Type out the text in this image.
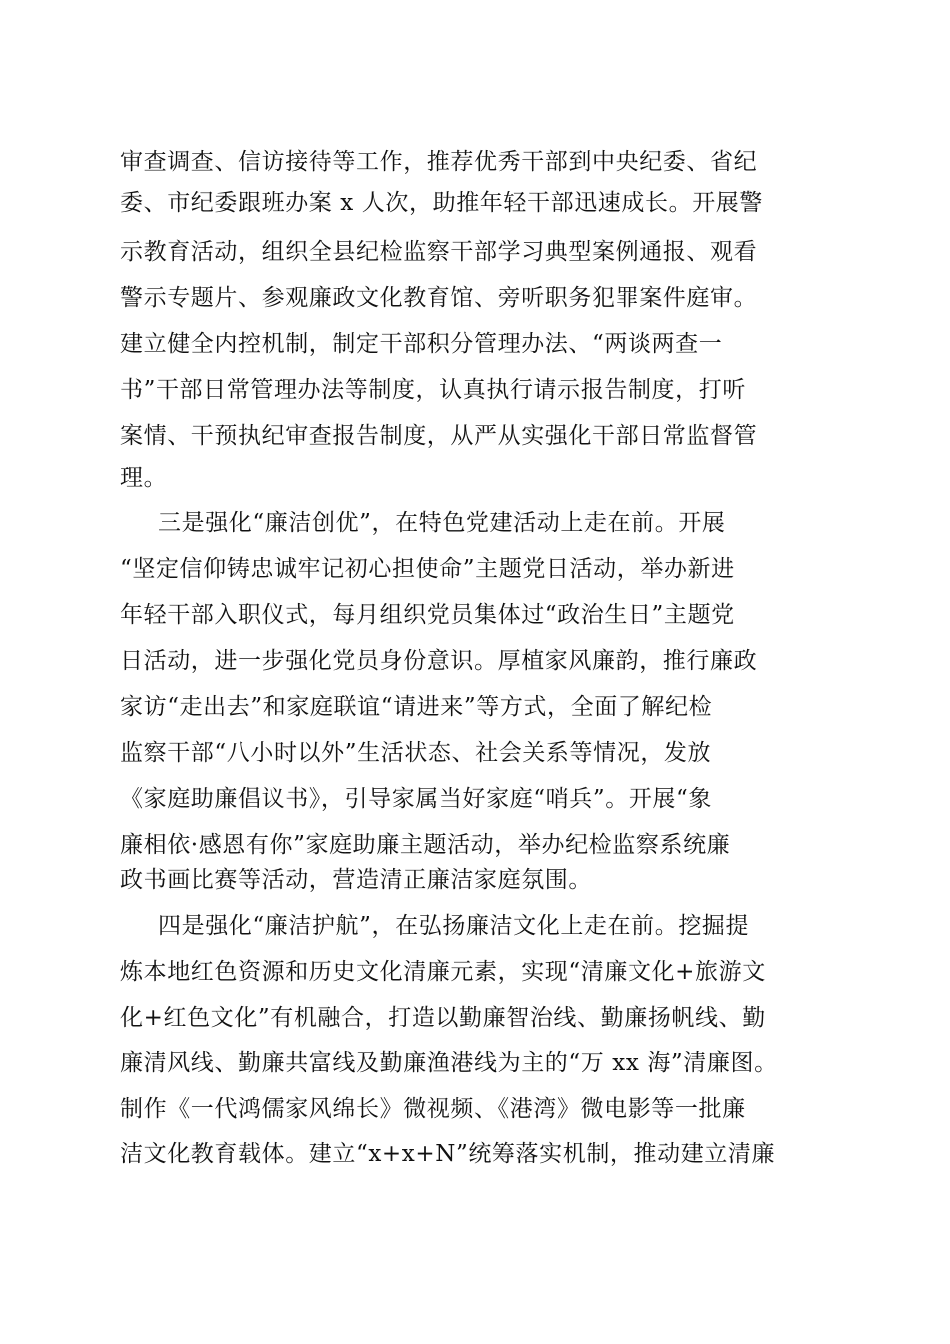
审查调查、信访接待等工作，推荐优秀干部到中央纪委、省纪
委、市纪委跟班办案 x 人次，助推年轻干部迅速成长。开展警
示教育活动，组织全县纪检监察干部学习典型案例通报、观看
警示专题片、参观廉政文化教育馆、旁听职务犯罪案件庭审。
建立健全内控机制，制定干部积分管理办法、“两谈两查一
书”干部日常管理办法等制度，认真执行请示报告制度，打听
案情、干预执纪审查报告制度，从严从实强化干部日常监督管
理。
三是强化“廉洁创优”，在特色党建活动上走在前。开展
“坚定信仰铸忠诚牢记初心担使命”主题党日活动，举办新进
年轻干部入职仪式，每月组织党员集体过“政治生日”主题党
日活动，进一步强化党员身份意识。厚植家风廉韵，推行廉政
家访“走出去”和家庭联谊“请进来”等方式，全面了解纪检
监察干部“八小时以外”生活状态、社会关系等情况，发放
《家庭助廉倡议书》，引导家属当好家庭“哨兵”。开展“象
廉相依·感恩有你”家庭助廉主题活动，举办纪检监察系统廉
政书画比赛等活动，营造清正廉洁家庭氛围。
四是强化“廉洁护航”，在弘扬廉洁文化上走在前。挖掘提
炼本地红色资源和历史文化清廉元素，实现“清廉文化+旅游文
化+红色文化”有机融合，打造以勤廉智治线、勤廉扬帆线、勤
廉清风线、勤廉共富线及勤廉渔港线为主的“万 xx 海”清廉图。
制作《一代鸿儒家风绵长》微视频、《港湾》微电影等一批廉
洁文化教育载体。建立“x+x+N”统筹落实机制，推动建立清廉
